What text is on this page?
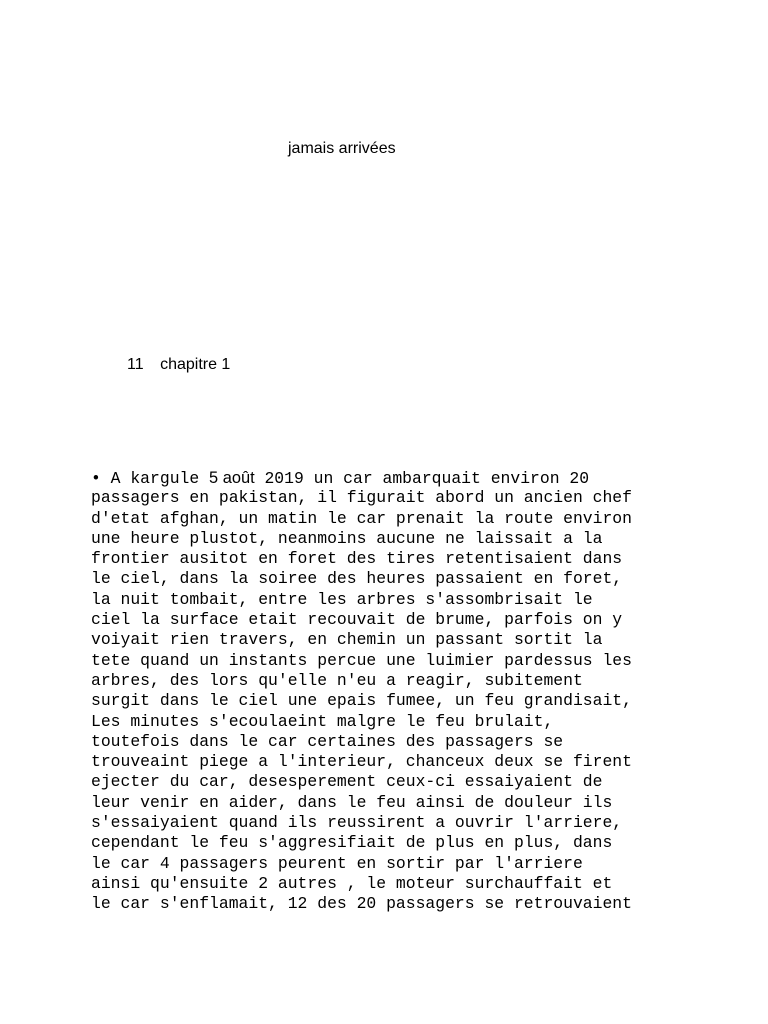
jamais arrivées
11 chapitre 1
• A kargule 5 août 2019 un car ambarquait environ 20
passagers en pakistan, il figurait abord un ancien chef
d'etat afghan, un matin le car prenait la route environ
une heure plustot, neanmoins aucune ne laissait a la
frontier ausitot en foret des tires retentisaient dans
le ciel, dans la soiree des heures passaient en foret,
la nuit tombait, entre les arbres s'assombrisait le
ciel la surface etait recouvait de brume, parfois on y
voiyait rien travers, en chemin un passant sortit la
tete quand un instants percue une luimier pardessus les
arbres, des lors qu'elle n'eu a reagir, subitement
surgit dans le ciel une epais fumee, un feu grandisait,
Les minutes s'ecoulaeint malgre le feu brulait,
toutefois dans le car certaines des passagers se
trouveaint piege a l'interieur, chanceux deux se firent
ejecter du car, desesperement ceux-ci essaiyaient de
leur venir en aider, dans le feu ainsi de douleur ils
s'essaiyaient quand ils reussirent a ouvrir l'arriere,
cependant le feu s'aggresifiait de plus en plus, dans
le car 4 passagers peurent en sortir par l'arriere
ainsi qu'ensuite 2 autres , le moteur surchauffait et
le car s'enflamait, 12 des 20 passagers se retrouvaient
